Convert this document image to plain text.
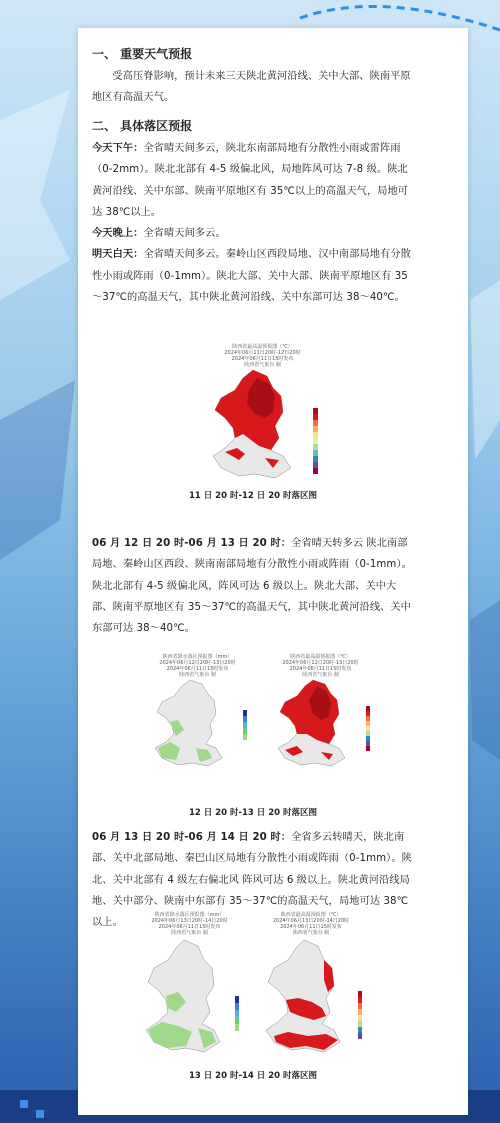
一、 重要天气预报

受高压脊影响，预计未来三天陕北黄河沿线、关中大部、陕南平原地区有高温天气。

二、 具体落区预报

今天下午：全省晴天间多云，陕北东南部局地有分散性小雨或雷阵雨（0-2mm）。陕北北部有 4-5 级偏北风，局地阵风可达 7-8 级。陕北黄河沿线、关中东部、陕南平原地区有 35℃以上的高温天气，局地可达 38℃以上。

今天晚上：全省晴天间多云。

明天白天：全省晴天间多云。秦岭山区西段局地、汉中南部局地有分散性小雨或阵雨（0-1mm）。陕北大部、关中大部、陕南平原地区有 35～37℃的高温天气，其中陕北黄河沿线、关中东部可达 38～40℃。

陕西省最高温预报图（℃）
2024年06月11日20时-12日20时
2024年06月11日15时发布
陕西省气象台 制
11 日 20 时-12 日 20 时落区图

06 月 12 日 20 时-06 月 13 日 20 时：全省晴天转多云 陕北南部局地、秦岭山区西段、陕南南部局地有分散性小雨或阵雨（0-1mm）。陕北北部有 4-5 级偏北风，阵风可达 6 级以上。陕北大部、关中大部、陕南平原地区有 35～37℃的高温天气，其中陕北黄河沿线、关中东部可达 38～40℃。

陕西省降水落区预报图（mm）
2024年06月12日20时-13日20时
2024年06月11日15时发布
陕西省气象台 制
陕西省最高温预报图（℃）
2024年06月12日20时-13日20时
2024年06月11日15时发布
陕西省气象台 制
12 日 20 时-13 日 20 时落区图

06 月 13 日 20 时-06 月 14 日 20 时：全省多云转晴天，陕北南部、关中北部局地、秦巴山区局地有分散性小雨或阵雨（0-1mm）。陕北、关中北部有 4 级左右偏北风 阵风可达 6 级以上。陕北黄河沿线局地、关中部分、陕南中东部有 35～37℃的高温天气，局地可达 38℃以上。

陕西省降水落区预报图（mm）
2024年06月13日20时-14日20时
2024年06月11日15时发布
陕西省气象台 制
陕西省最高温预报图（℃）
2024年06月13日20时-14日20时
2024年06月11日15时发布
陕西省气象台 制
13 日 20 时-14 日 20 时落区图
